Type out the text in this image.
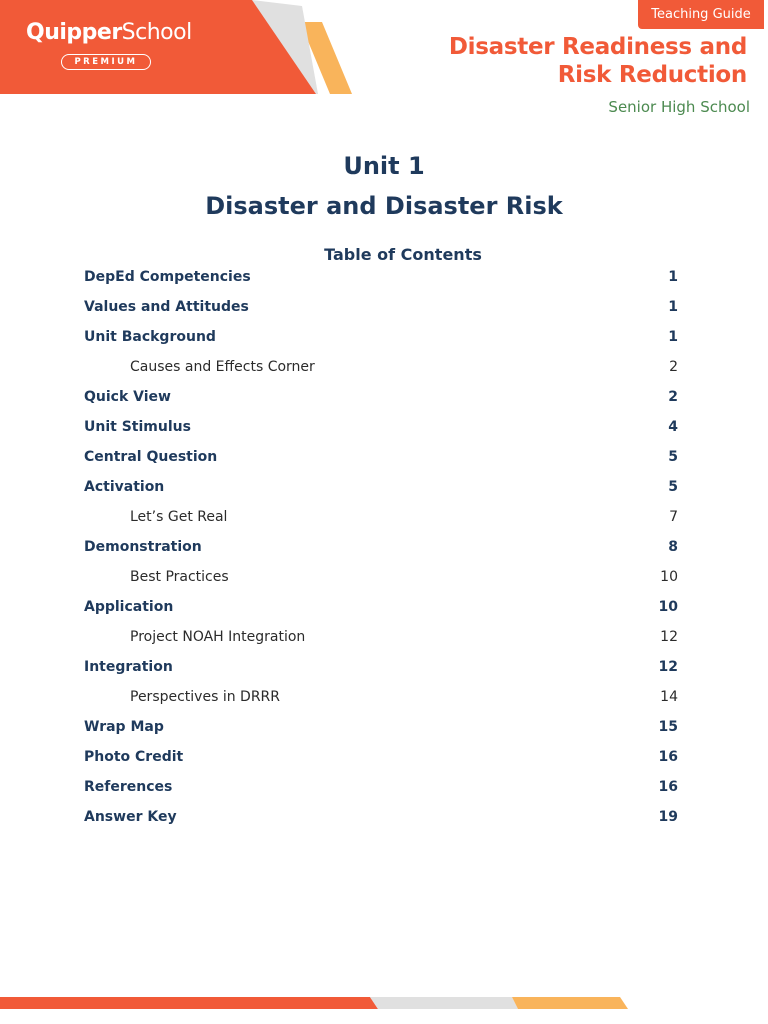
QuipperSchool
PREMIUM
Teaching Guide
Disaster Readiness and
Risk Reduction
Senior High School
Unit 1
Disaster and Disaster Risk
Table of Contents
DepEd Competencies	1
Values and Attitudes	1
Unit Background	1
Causes and Effects Corner	2
Quick View	2
Unit Stimulus	4
Central Question	5
Activation	5
Let’s Get Real	7
Demonstration	8
Best Practices	10
Application	10
Project NOAH Integration	12
Integration	12
Perspectives in DRRR	14
Wrap Map	15
Photo Credit	16
References	16
Answer Key	19
